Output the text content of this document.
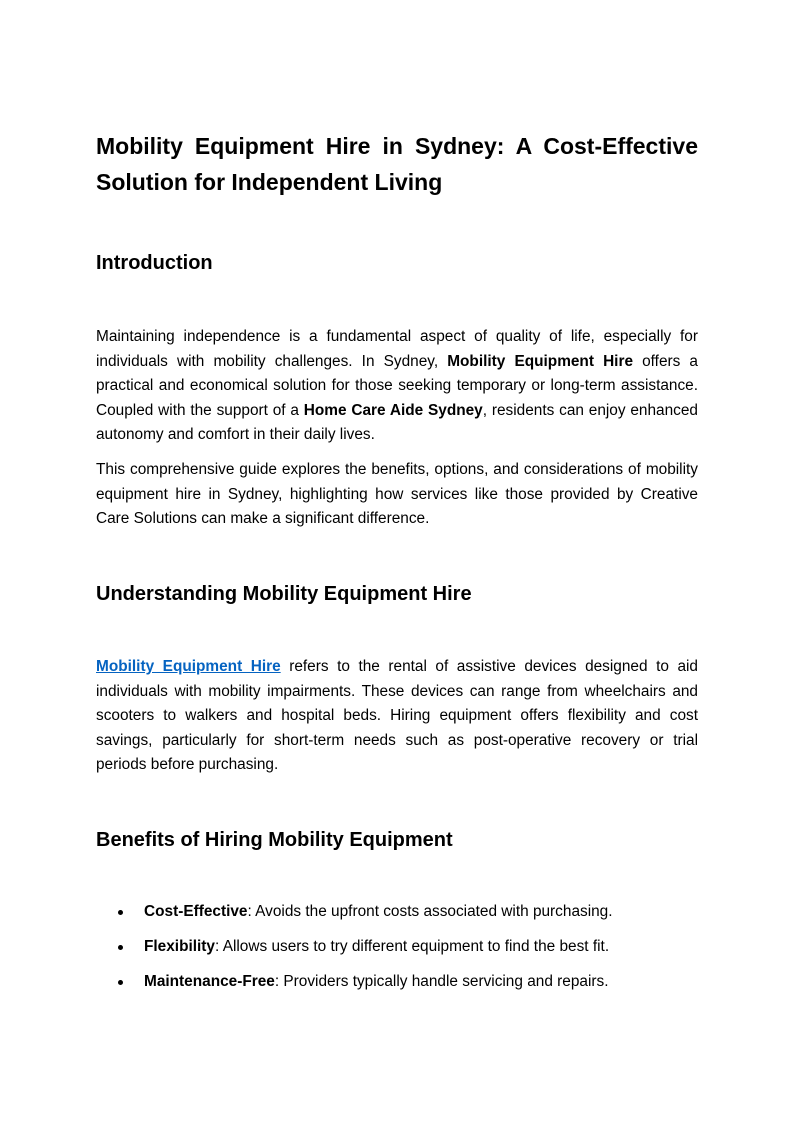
Mobility Equipment Hire in Sydney: A Cost-Effective Solution for Independent Living
Introduction

Maintaining independence is a fundamental aspect of quality of life, especially for individuals with mobility challenges. In Sydney, Mobility Equipment Hire offers a practical and economical solution for those seeking temporary or long-term assistance. Coupled with the support of a Home Care Aide Sydney, residents can enjoy enhanced autonomy and comfort in their daily lives.

This comprehensive guide explores the benefits, options, and considerations of mobility equipment hire in Sydney, highlighting how services like those provided by Creative Care Solutions can make a significant difference.

Understanding Mobility Equipment Hire

Mobility Equipment Hire refers to the rental of assistive devices designed to aid individuals with mobility impairments. These devices can range from wheelchairs and scooters to walkers and hospital beds. Hiring equipment offers flexibility and cost savings, particularly for short-term needs such as post-operative recovery or trial periods before purchasing.

Benefits of Hiring Mobility Equipment
Cost-Effective: Avoids the upfront costs associated with purchasing.
Flexibility: Allows users to try different equipment to find the best fit.
Maintenance-Free: Providers typically handle servicing and repairs.
